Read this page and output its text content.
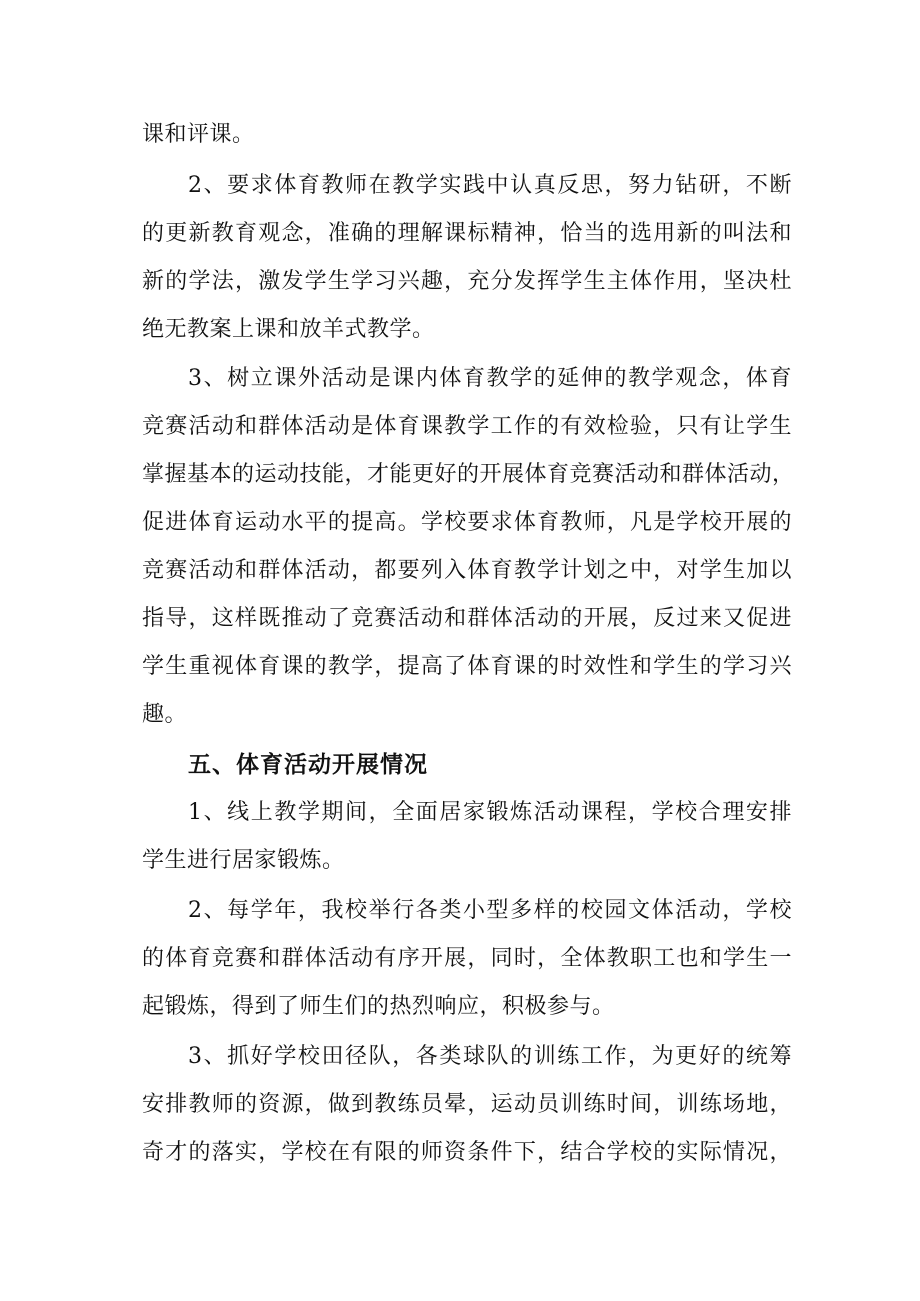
课和评课。
2、要求体育教师在教学实践中认真反思，努力钻研，不断
的更新教育观念，准确的理解课标精神，恰当的选用新的叫法和
新的学法，激发学生学习兴趣，充分发挥学生主体作用，坚决杜
绝无教案上课和放羊式教学。
3、树立课外活动是课内体育教学的延伸的教学观念，体育
竞赛活动和群体活动是体育课教学工作的有效检验，只有让学生
掌握基本的运动技能，才能更好的开展体育竞赛活动和群体活动，
促进体育运动水平的提高。学校要求体育教师，凡是学校开展的
竞赛活动和群体活动，都要列入体育教学计划之中，对学生加以
指导，这样既推动了竞赛活动和群体活动的开展，反过来又促进
学生重视体育课的教学，提高了体育课的时效性和学生的学习兴
趣。
五、体育活动开展情况
1、线上教学期间，全面居家锻炼活动课程，学校合理安排
学生进行居家锻炼。
2、每学年，我校举行各类小型多样的校园文体活动，学校
的体育竞赛和群体活动有序开展，同时，全体教职工也和学生一
起锻炼，得到了师生们的热烈响应，积极参与。
3、抓好学校田径队，各类球队的训练工作，为更好的统筹
安排教师的资源，做到教练员晕，运动员训练时间，训练场地，
奇才的落实，学校在有限的师资条件下，结合学校的实际情况，
